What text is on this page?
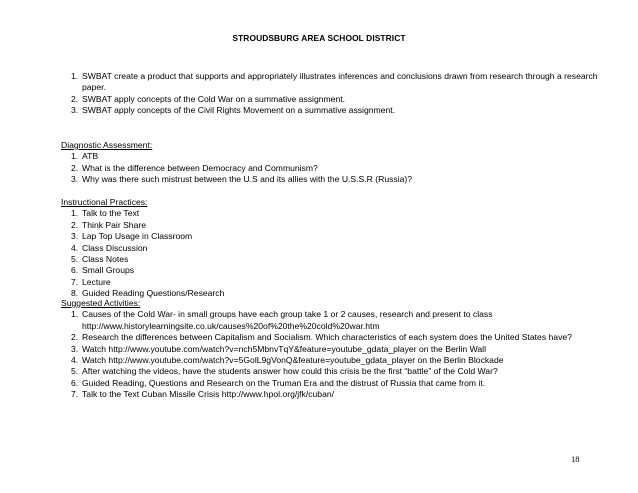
STROUDSBURG AREA SCHOOL DISTRICT
1. SWBAT create a product that supports and appropriately illustrates inferences and conclusions drawn from research through a research paper.
2. SWBAT apply concepts of the Cold War on a summative assignment.
3. SWBAT apply concepts of the Civil Rights Movement on a summative assignment.
Diagnostic Assessment:
1. ATB
2. What is the difference between Democracy and Communism?
3. Why was there such mistrust between the U.S and its allies with the U.S.S.R (Russia)?
Instructional Practices:
1. Talk to the Text
2. Think Pair Share
3. Lap Top Usage in Classroom
4. Class Discussion
5. Class Notes
6. Small Groups
7. Lecture
8. Guided Reading Questions/Research
Suggested Activities:
1. Causes of the Cold War- in small groups have each group take 1 or 2 causes, research and present to class http://www.historylearningsite.co.uk/causes%20of%20the%20cold%20war.htm
2. Research the differences between Capitalism and Socialism. Which characteristics of each system does the United States have?
3. Watch http://www.youtube.com/watch?v=nch5MbnvTqY&feature=youtube_gdata_player on the Berlin Wall
4. Watch http://www.youtube.com/watch?v=5GolL9gVonQ&feature=youtube_gdata_player on the Berlin Blockade
5. After watching the videos, have the students answer how could this crisis be the first “battle” of the Cold War?
6. Guided Reading, Questions and Research on the Truman Era and the distrust of Russia that came from it.
7. Talk to the Text Cuban Missile Crisis http://www.hpol.org/jfk/cuban/
18
